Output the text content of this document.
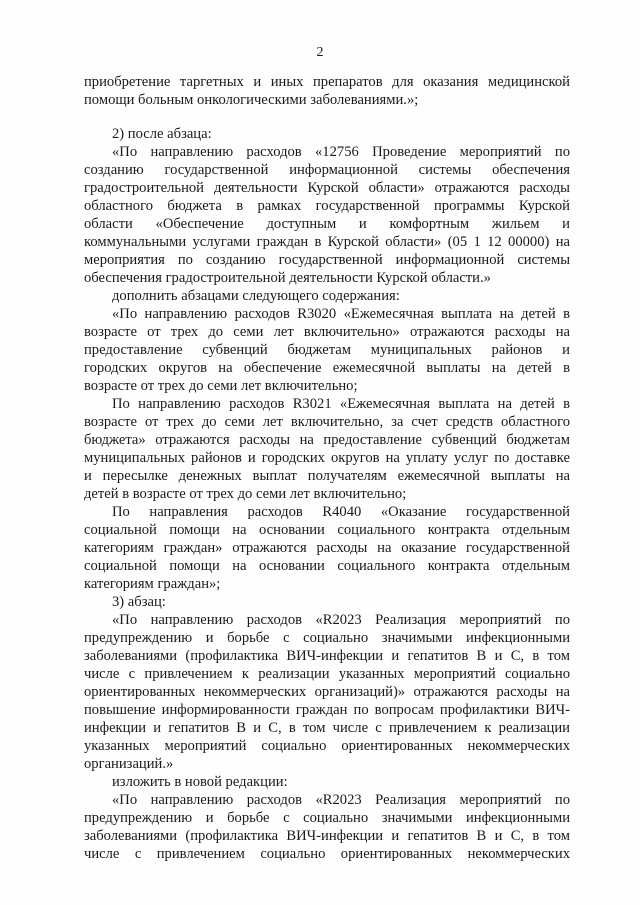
2
приобретение таргетных и иных препаратов для оказания медицинской
помощи больным онкологическими заболеваниями.»;
2) после абзаца:
«По направлению расходов «12756 Проведение мероприятий по
созданию государственной информационной системы обеспечения
градостроительной деятельности Курской области» отражаются расходы
областного бюджета в рамках государственной программы Курской
области «Обеспечение доступным и комфортным жильем и
коммунальными услугами граждан в Курской области» (05 1 12 00000) на
мероприятия по созданию государственной информационной системы
обеспечения градостроительной деятельности Курской области.»
дополнить абзацами следующего содержания:
«По направлению расходов R3020 «Ежемесячная выплата на детей в
возрасте от трех до семи лет включительно» отражаются расходы на
предоставление субвенций бюджетам муниципальных районов и
городских округов на обеспечение ежемесячной выплаты на детей в
возрасте от трех до семи лет включительно;
По направлению расходов R3021 «Ежемесячная выплата на детей в
возрасте от трех до семи лет включительно, за счет средств областного
бюджета» отражаются расходы на предоставление субвенций бюджетам
муниципальных районов и городских округов на уплату услуг по доставке
и пересылке денежных выплат получателям ежемесячной выплаты на
детей в возрасте от трех до семи лет включительно;
По направления расходов R4040 «Оказание государственной
социальной помощи на основании социального контракта отдельным
категориям граждан» отражаются расходы на оказание государственной
социальной помощи на основании социального контракта отдельным
категориям граждан»;
3) абзац:
«По направлению расходов «R2023 Реализация мероприятий по
предупреждению и борьбе с социально значимыми инфекционными
заболеваниями (профилактика ВИЧ-инфекции и гепатитов В и С, в том
числе с привлечением к реализации указанных мероприятий социально
ориентированных некоммерческих организаций)» отражаются расходы на
повышение информированности граждан по вопросам профилактики ВИЧ-
инфекции и гепатитов В и С, в том числе с привлечением к реализации
указанных мероприятий социально ориентированных некоммерческих
организаций.»
изложить в новой редакции:
«По направлению расходов «R2023 Реализация мероприятий по
предупреждению и борьбе с социально значимыми инфекционными
заболеваниями (профилактика ВИЧ-инфекции и гепатитов В и С, в том
числе с привлечением социально ориентированных некоммерческих
